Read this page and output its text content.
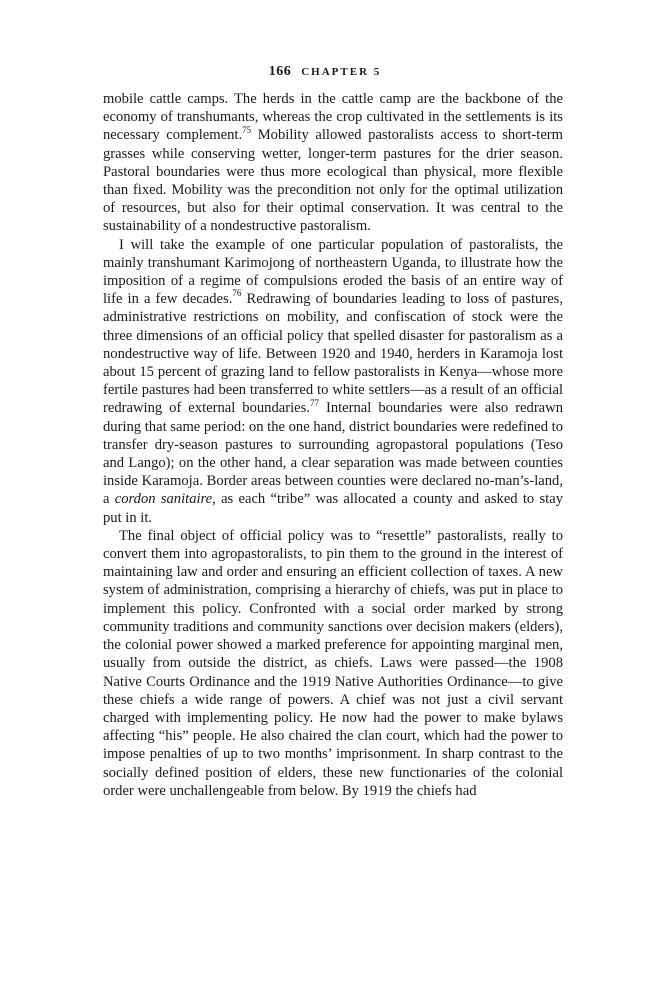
166 CHAPTER 5

mobile cattle camps. The herds in the cattle camp are the backbone of the economy of transhumants, whereas the crop cultivated in the settlements is its necessary complement.$^{75}$ Mobility allowed pastoralists access to short-term grasses while conserving wetter, longer-term pastures for the drier season. Pastoral boundaries were thus more ecological than physical, more flexible than fixed. Mobility was the precondition not only for the optimal utilization of resources, but also for their optimal conservation. It was central to the sustainability of a nondestructive pastoralism.

I will take the example of one particular population of pastoralists, the mainly transhumant Karimojong of northeastern Uganda, to illustrate how the imposition of a regime of compulsions eroded the basis of an entire way of life in a few decades.$^{76}$ Redrawing of boundaries leading to loss of pastures, administrative restrictions on mobility, and confiscation of stock were the three dimensions of an official policy that spelled disaster for pastoralism as a nondestructive way of life. Between 1920 and 1940, herders in Karamoja lost about 15 percent of grazing land to fellow pastoralists in Kenya—whose more fertile pastures had been transferred to white settlers—as a result of an official redrawing of external boundaries.$^{77}$ Internal boundaries were also redrawn during that same period: on the one hand, district boundaries were redefined to transfer dry-season pastures to surrounding agropastoral populations (Teso and Lango); on the other hand, a clear separation was made between counties inside Karamoja. Border areas between counties were declared no-man’s-land, a cordon sanitaire, as each “tribe” was allocated a county and asked to stay put in it.

The final object of official policy was to “resettle” pastoralists, really to convert them into agropastoralists, to pin them to the ground in the interest of maintaining law and order and ensuring an efficient collection of taxes. A new system of administration, comprising a hierarchy of chiefs, was put in place to implement this policy. Confronted with a social order marked by strong community traditions and community sanctions over decision makers (elders), the colonial power showed a marked preference for appointing marginal men, usually from outside the district, as chiefs. Laws were passed—the 1908 Native Courts Ordinance and the 1919 Native Authorities Ordinance—to give these chiefs a wide range of powers. A chief was not just a civil servant charged with implementing policy. He now had the power to make bylaws affecting “his” people. He also chaired the clan court, which had the power to impose penalties of up to two months’ imprisonment. In sharp contrast to the socially defined position of elders, these new functionaries of the colonial order were unchallengeable from below. By 1919 the chiefs had
